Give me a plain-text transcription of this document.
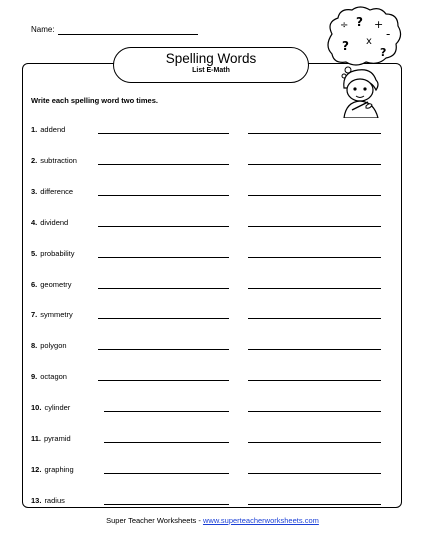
Name:
Spelling Words
List E-Math
÷ ? +
-
x
?	?
Write each spelling word two times.
1. addend
2. subtraction
3. difference
4. dividend
5. probability
6. geometry
7. symmetry
8. polygon
9. octagon
10. cylinder
11. pyramid
12. graphing
13. radius
Super Teacher Worksheets - www.superteacherworksheets.com
